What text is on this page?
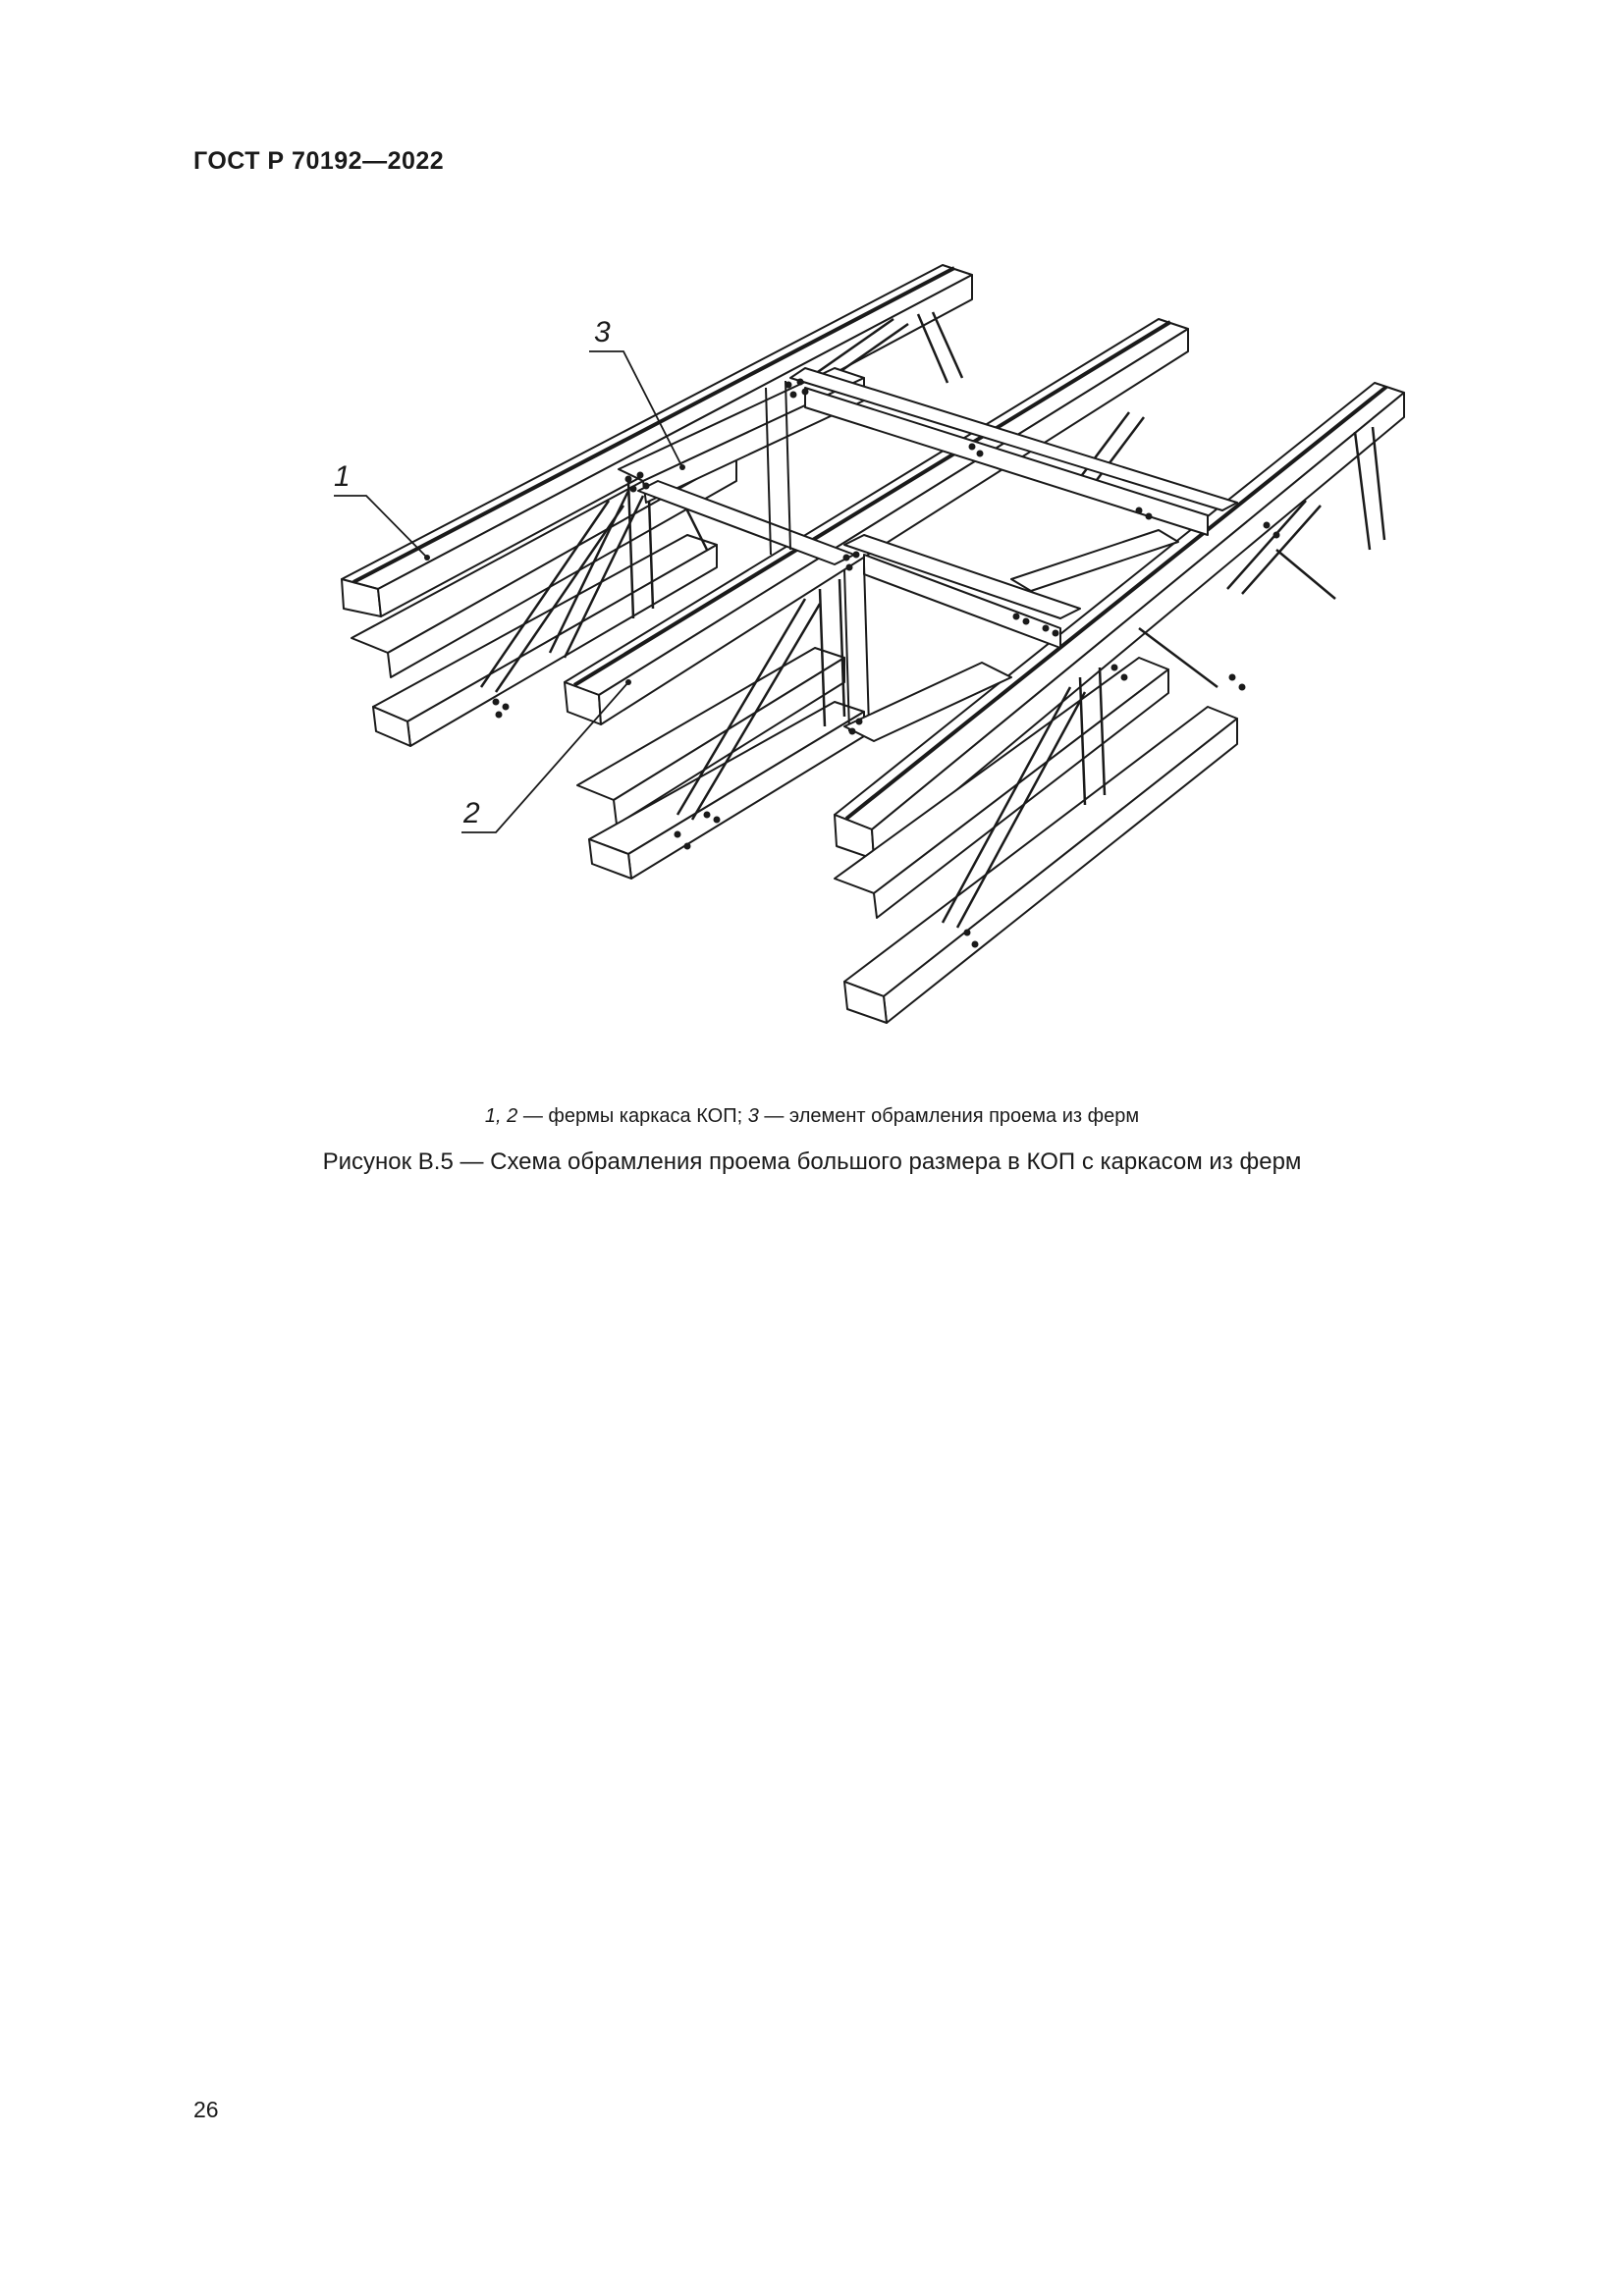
ГОСТ Р 70192—2022
1
3
2
1, 2 — фермы каркаса КОП; 3 — элемент обрамления проема из ферм
Рисунок В.5 — Схема обрамления проема большого размера в КОП с каркасом из ферм
26
